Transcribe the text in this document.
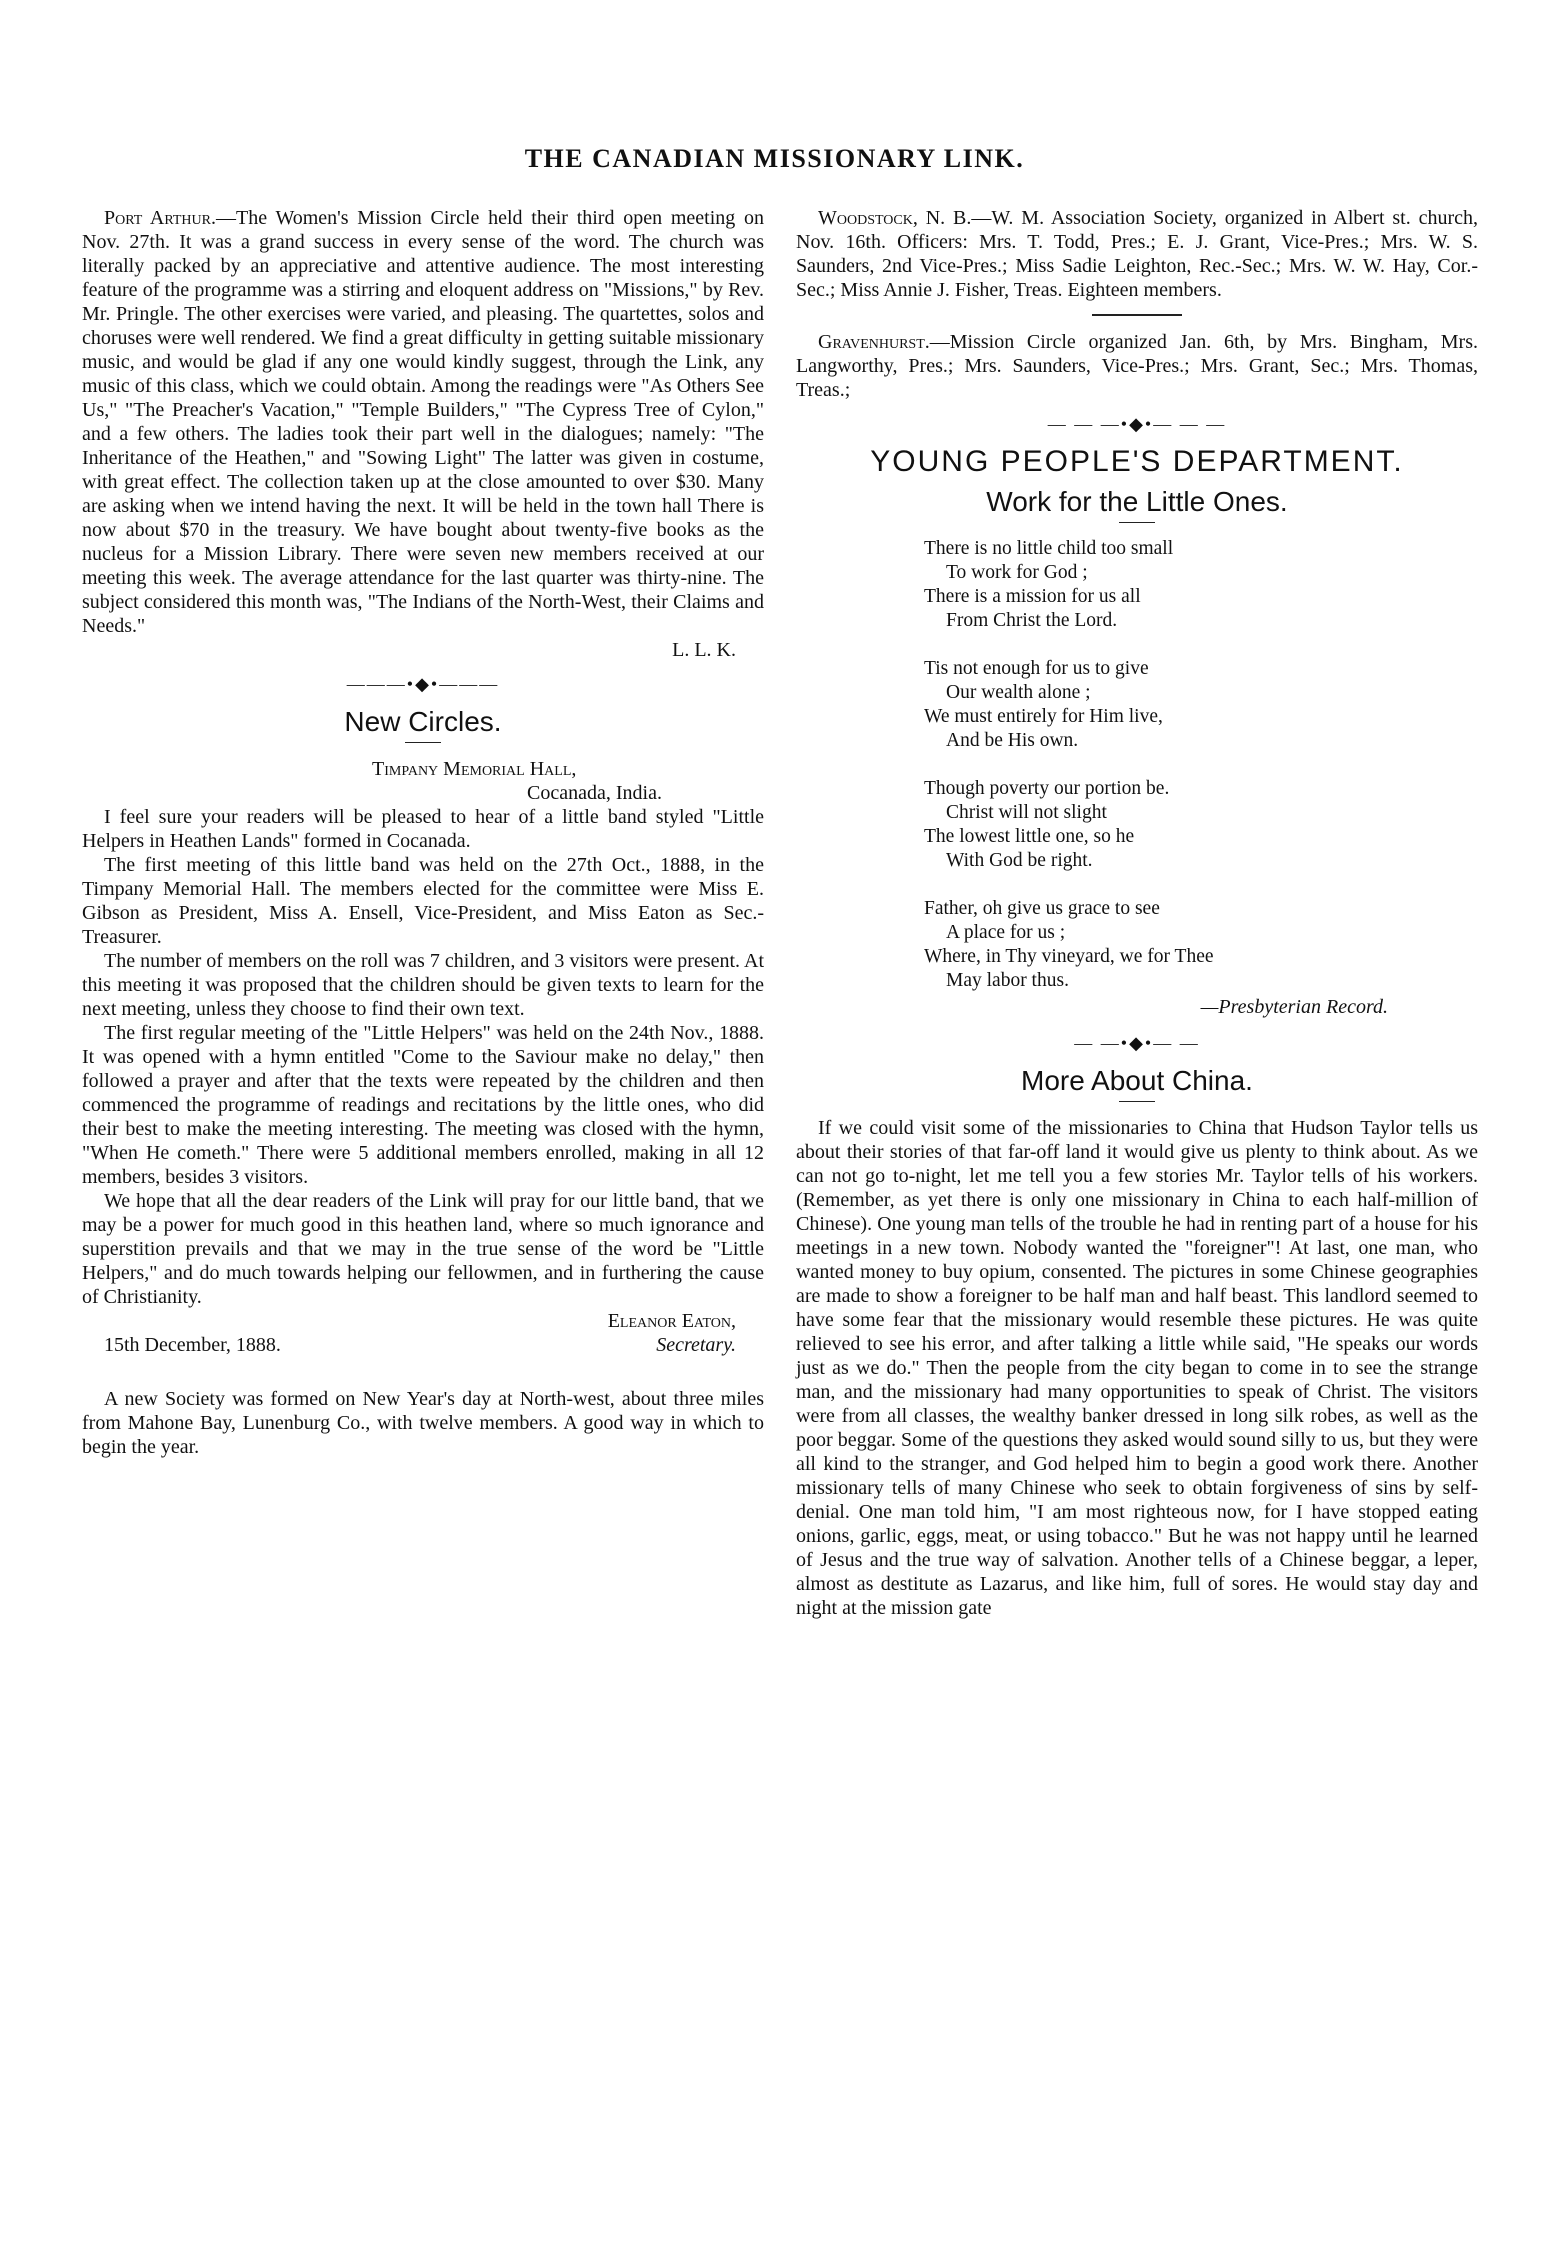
THE CANADIAN MISSIONARY LINK.

Port Arthur.—The Women's Mission Circle held their third open meeting on Nov. 27th. It was a grand success in every sense of the word. The church was literally packed by an appreciative and attentive audience. The most interesting feature of the programme was a stirring and eloquent address on "Missions," by Rev. Mr. Pringle. The other exercises were varied, and pleasing. The quartettes, solos and choruses were well rendered. We find a great difficulty in getting suitable missionary music, and would be glad if any one would kindly suggest, through the Link, any music of this class, which we could obtain. Among the readings were "As Others See Us," "The Preacher's Vacation," "Temple Builders," "The Cypress Tree of Cylon," and a few others. The ladies took their part well in the dialogues; namely: "The Inheritance of the Heathen," and "Sowing Light" The latter was given in costume, with great effect. The collection taken up at the close amounted to over $30. Many are asking when we intend having the next. It will be held in the town hall There is now about $70 in the treasury. We have bought about twenty-five books as the nucleus for a Mission Library. There were seven new members received at our meeting this week. The average attendance for the last quarter was thirty-nine. The subject considered this month was, "The Indians of the North-West, their Claims and Needs."

L. L. K.
———•◆•———
New Circles.

Timpany Memorial Hall,

Cocanada, India.

I feel sure your readers will be pleased to hear of a little band styled "Little Helpers in Heathen Lands" formed in Cocanada.

The first meeting of this little band was held on the 27th Oct., 1888, in the Timpany Memorial Hall. The members elected for the committee were Miss E. Gibson as President, Miss A. Ensell, Vice-President, and Miss Eaton as Sec.-Treasurer.

The number of members on the roll was 7 children, and 3 visitors were present. At this meeting it was proposed that the children should be given texts to learn for the next meeting, unless they choose to find their own text.

The first regular meeting of the "Little Helpers" was held on the 24th Nov., 1888. It was opened with a hymn entitled "Come to the Saviour make no delay," then followed a prayer and after that the texts were repeated by the children and then commenced the programme of readings and recitations by the little ones, who did their best to make the meeting interesting. The meeting was closed with the hymn, "When He cometh." There were 5 additional members enrolled, making in all 12 members, besides 3 visitors.

We hope that all the dear readers of the Link will pray for our little band, that we may be a power for much good in this heathen land, where so much ignorance and superstition prevails and that we may in the true sense of the word be "Little Helpers," and do much towards helping our fellowmen, and in furthering the cause of Christianity.

Eleanor Eaton,
15th December, 1888.	Secretary.

A new Society was formed on New Year's day at North-west, about three miles from Mahone Bay, Lunenburg Co., with twelve members. A good way in which to begin the year.

Woodstock, N. B.—W. M. Association Society, organized in Albert st. church, Nov. 16th. Officers: Mrs. T. Todd, Pres.; E. J. Grant, Vice-Pres.; Mrs. W. S. Saunders, 2nd Vice-Pres.; Miss Sadie Leighton, Rec.-Sec.; Mrs. W. W. Hay, Cor.-Sec.; Miss Annie J. Fisher, Treas. Eighteen members.

Gravenhurst.—Mission Circle organized Jan. 6th, by Mrs. Bingham, Mrs. Langworthy, Pres.; Mrs. Saunders, Vice-Pres.; Mrs. Grant, Sec.; Mrs. Thomas, Treas.;

— — —•◆•— — —
YOUNG PEOPLE'S DEPARTMENT.
Work for the Little Ones.
There is no little child too small
To work for God ;
There is a mission for us all
From Christ the Lord.
Tis not enough for us to give
Our wealth alone ;
We must entirely for Him live,
And be His own.
Though poverty our portion be.
Christ will not slight
The lowest little one, so he
With God be right.
Father, oh give us grace to see
A place for us ;
Where, in Thy vineyard, we for Thee
May labor thus.
—Presbyterian Record.
— —•◆•— —
More About China.

If we could visit some of the missionaries to China that Hudson Taylor tells us about their stories of that far-off land it would give us plenty to think about. As we can not go to-night, let me tell you a few stories Mr. Taylor tells of his workers. (Remember, as yet there is only one missionary in China to each half-million of Chinese). One young man tells of the trouble he had in renting part of a house for his meetings in a new town. Nobody wanted the "foreigner"! At last, one man, who wanted money to buy opium, consented. The pictures in some Chinese geographies are made to show a foreigner to be half man and half beast. This landlord seemed to have some fear that the missionary would resemble these pictures. He was quite relieved to see his error, and after talking a little while said, "He speaks our words just as we do." Then the people from the city began to come in to see the strange man, and the missionary had many opportunities to speak of Christ. The visitors were from all classes, the wealthy banker dressed in long silk robes, as well as the poor beggar. Some of the questions they asked would sound silly to us, but they were all kind to the stranger, and God helped him to begin a good work there. Another missionary tells of many Chinese who seek to obtain forgiveness of sins by self-denial. One man told him, "I am most righteous now, for I have stopped eating onions, garlic, eggs, meat, or using tobacco." But he was not happy until he learned of Jesus and the true way of salvation. Another tells of a Chinese beggar, a leper, almost as destitute as Lazarus, and like him, full of sores. He would stay day and night at the mission gate
